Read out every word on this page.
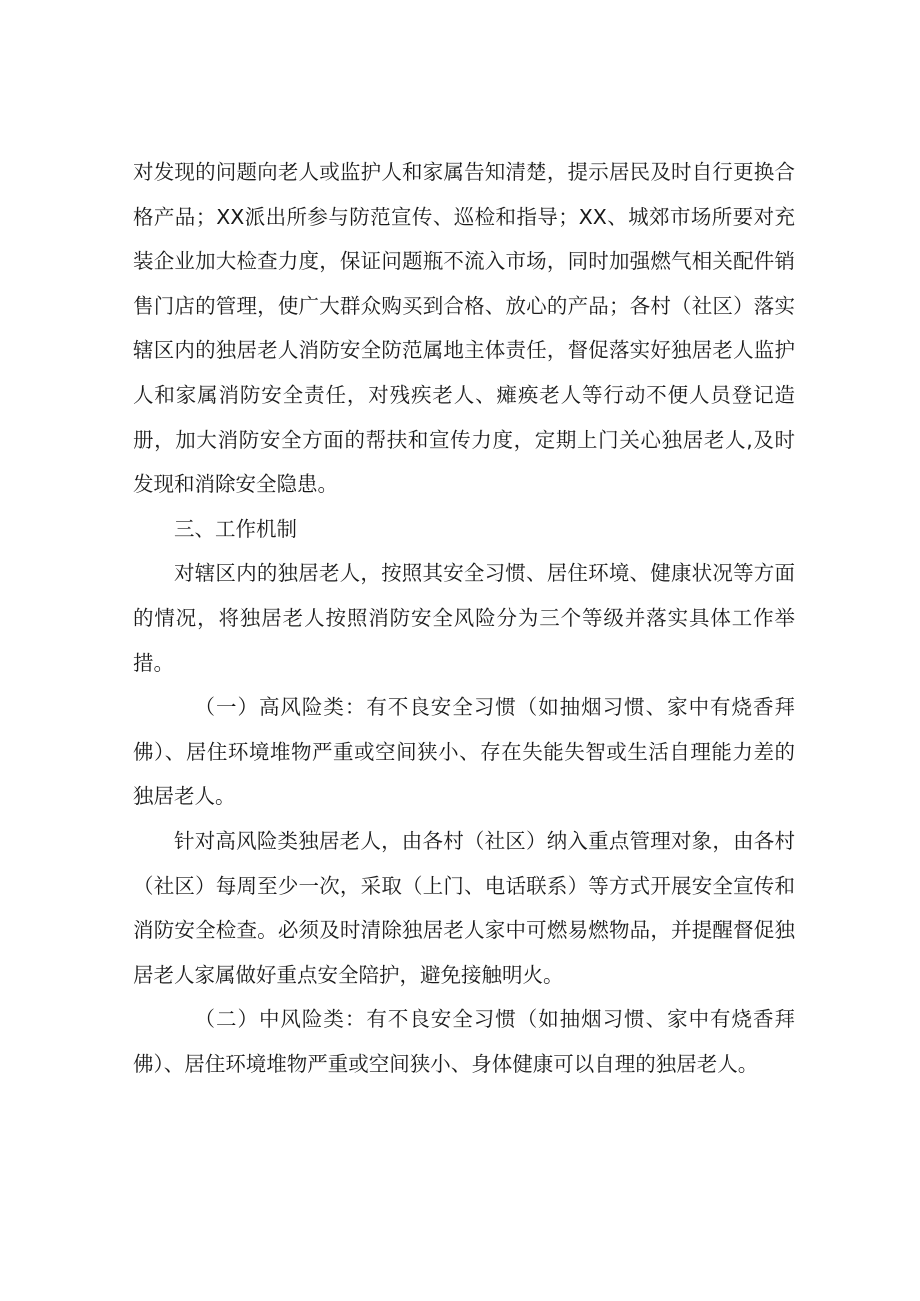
对发现的问题向老人或监护人和家属告知清楚，提示居民及时自行更换合格产品；XX派出所参与防范宣传、巡检和指导；XX、城郊市场所要对充装企业加大检查力度，保证问题瓶不流入市场，同时加强燃气相关配件销售门店的管理，使广大群众购买到合格、放心的产品；各村（社区）落实辖区内的独居老人消防安全防范属地主体责任，督促落实好独居老人监护人和家属消防安全责任，对残疾老人、瘫痪老人等行动不便人员登记造册，加大消防安全方面的帮扶和宣传力度，定期上门关心独居老人,及时发现和消除安全隐患。

三、工作机制

对辖区内的独居老人，按照其安全习惯、居住环境、健康状况等方面的情况，将独居老人按照消防安全风险分为三个等级并落实具体工作举措。

（一）高风险类：有不良安全习惯（如抽烟习惯、家中有烧香拜佛）、居住环境堆物严重或空间狭小、存在失能失智或生活自理能力差的独居老人。

针对高风险类独居老人，由各村（社区）纳入重点管理对象，由各村（社区）每周至少一次，采取（上门、电话联系）等方式开展安全宣传和消防安全检查。必须及时清除独居老人家中可燃易燃物品，并提醒督促独居老人家属做好重点安全陪护，避免接触明火。

（二）中风险类：有不良安全习惯（如抽烟习惯、家中有烧香拜佛）、居住环境堆物严重或空间狭小、身体健康可以自理的独居老人。
